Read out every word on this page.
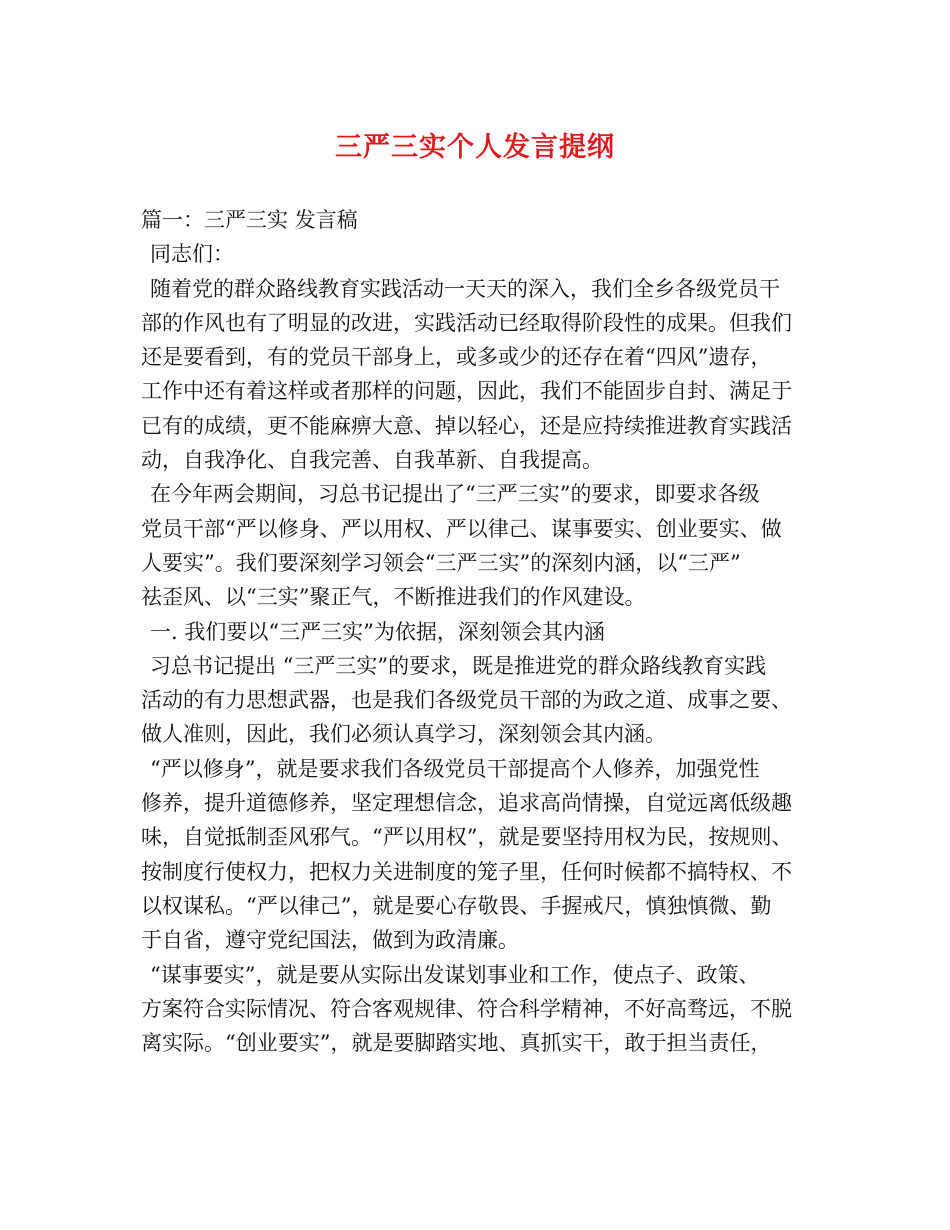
三严三实个人发言提纲
篇一：三严三实 发言稿
同志们：
随着党的群众路线教育实践活动一天天的深入，我们全乡各级党员干
部的作风也有了明显的改进，实践活动已经取得阶段性的成果。但我们
还是要看到，有的党员干部身上，或多或少的还存在着“四风”遗存，
工作中还有着这样或者那样的问题，因此，我们不能固步自封、满足于
已有的成绩，更不能麻痹大意、掉以轻心，还是应持续推进教育实践活
动，自我净化、自我完善、自我革新、自我提高。
在今年两会期间，习总书记提出了“三严三实”的要求，即要求各级
党员干部“严以修身、严以用权、严以律己、谋事要实、创业要实、做
人要实”。我们要深刻学习领会“三严三实”的深刻内涵，以“三严”
祛歪风、以“三实”聚正气，不断推进我们的作风建设。
一. 我们要以“三严三实”为依据，深刻领会其内涵
习总书记提出 “三严三实”的要求，既是推进党的群众路线教育实践
活动的有力思想武器，也是我们各级党员干部的为政之道、成事之要、
做人准则，因此，我们必须认真学习，深刻领会其内涵。
“严以修身”，就是要求我们各级党员干部提高个人修养，加强党性
修养，提升道德修养，坚定理想信念，追求高尚情操，自觉远离低级趣
味，自觉抵制歪风邪气。“严以用权”，就是要坚持用权为民，按规则、
按制度行使权力，把权力关进制度的笼子里，任何时候都不搞特权、不
以权谋私。“严以律己”，就是要心存敬畏、手握戒尺，慎独慎微、勤
于自省，遵守党纪国法，做到为政清廉。
“谋事要实”，就是要从实际出发谋划事业和工作，使点子、政策、
方案符合实际情况、符合客观规律、符合科学精神，不好高骛远，不脱
离实际。“创业要实”，就是要脚踏实地、真抓实干，敢于担当责任，
